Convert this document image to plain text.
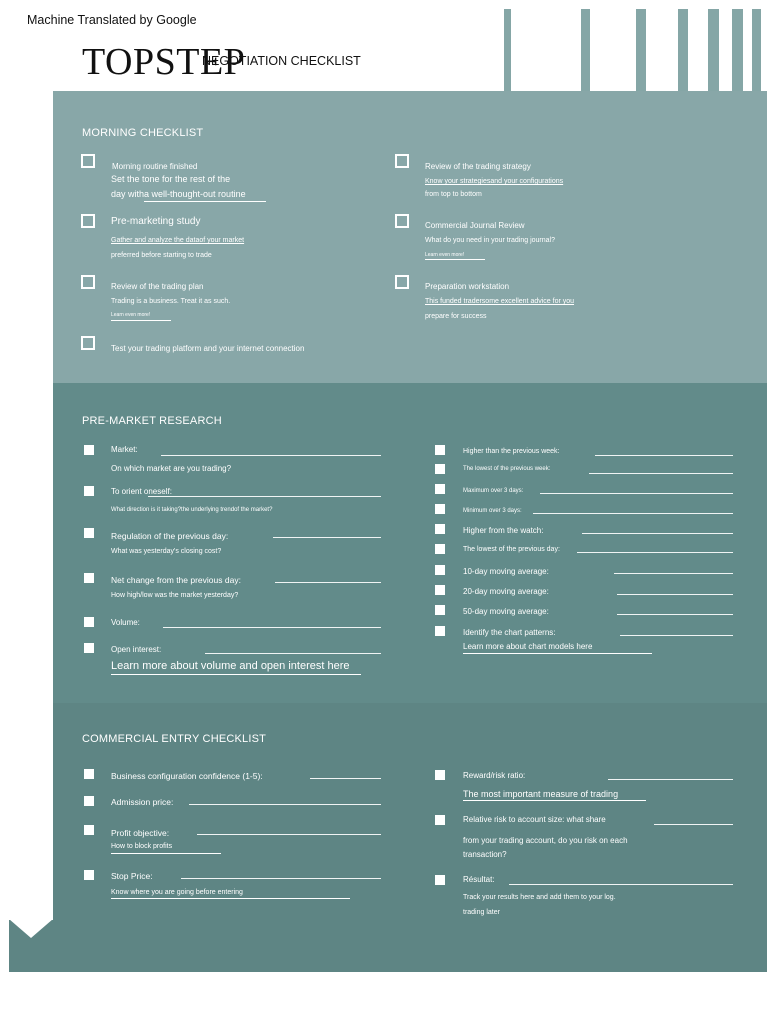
Machine Translated by Google
TOPSTEP
NEGOTIATION CHECKLIST
MORNING CHECKLIST
Morning routine finished
Set the tone for the rest of the
day witha well-thought-out routine
Pre-marketing study
Gather and analyze the dataof your market
preferred before starting to trade
Review of the trading plan
Trading is a business. Treat it as such.
Learn even more!
Test your trading platform and your internet connection
Review of the trading strategy
Know your strategiesand your configurations
from top to bottom
Commercial Journal Review
What do you need in your trading journal?
Learn even more!
Preparation workstation
This funded tradersome excellent advice for you
prepare for success
PRE-MARKET RESEARCH
Market:
On which market are you trading?
To orient oneself:
What direction is it taking?the underlying trendof the market?
Regulation of the previous day:
What was yesterday's closing cost?
Net change from the previous day:
How high/low was the market yesterday?
Volume:
Open interest:
Learn more about volume and open interest here
Higher than the previous week:
The lowest of the previous week:
Maximum over 3 days:
Minimum over 3 days:
Higher from the watch:
The lowest of the previous day:
10-day moving average:
20-day moving average:
50-day moving average:
Identify the chart patterns:
Learn more about chart models here
COMMERCIAL ENTRY CHECKLIST
Business configuration confidence (1-5):
Admission price:
Profit objective:
How to block profits
Stop Price:
Know where you are going before entering
Reward/risk ratio:
The most important measure of trading
Relative risk to account size: what share
from your trading account, do you risk on each
transaction?
Résultat:
Track your results here and add them to your log.
trading later
